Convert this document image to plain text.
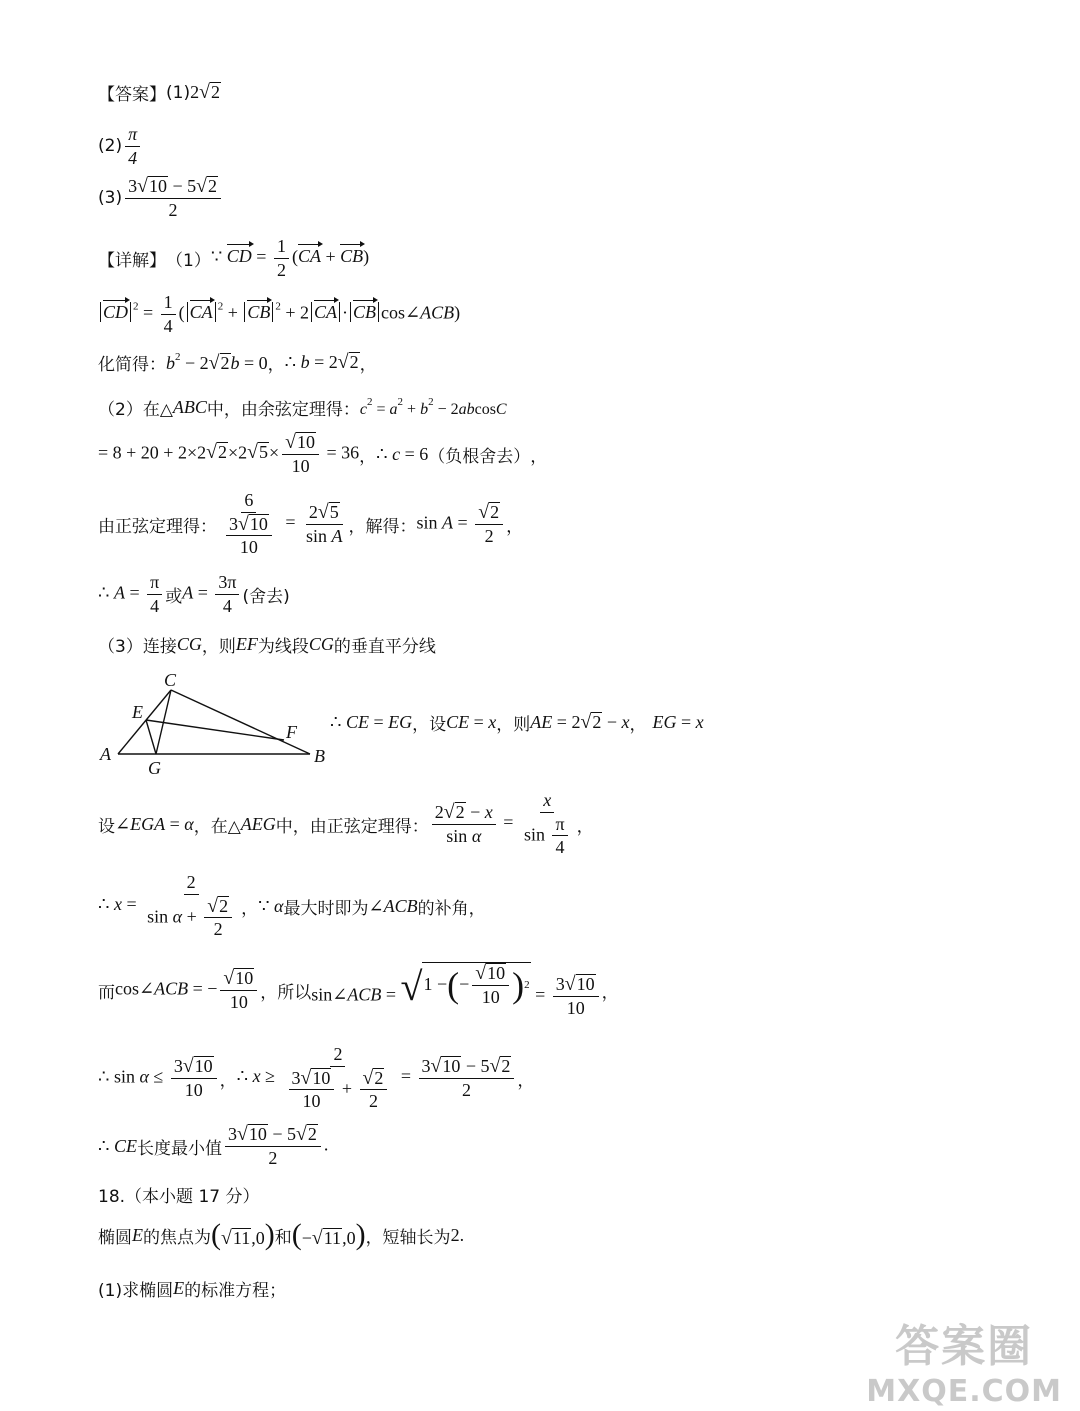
【答案】 (1) 2 √ 2
$(2) \frac{\pi}{4}$
$(3) \frac{3 √ 10 - 5 √ 2}{2}$
【详解】 （1） ∵ CD = $\frac{1}{2} (CA + CB)$
CD $^2 = \frac{1}{4}$ ( CA $^2$ + CB $^2$ + 2 CA · CB cos∠ACB)
化简得： $b^2 - 2$ √ 2 b = 0 ， ∴ b = 2 √ 2 ，
（2）在△ ABC 中，由余弦定理得： $c^2 = a^2 + b^2 - 2abcosC$
= 8 + 20 + 2×2 √ 2 ×2 √ $5 \times \frac{√ 10}{10} = 36$ ， ∴ c = 6 （负根舍去） ，
由正弦定理得： $\frac{6}{\frac{3 √ 10}{10}} = \frac{2 √ 5}{\text{sin A}}$ ，解得： $\sin A = \frac{√ 2}{2}$ ，
∴ $A = \frac{\pi}{4}$ 或 $A = \frac{3\pi}{4}$ (舍去)
（3）连接 CG ，则 EF 为线段 CG 的垂直平分线
A	B
C
E
F
G
∴ CE = EG ，设 CE = x ，则 AE = 2 √ 2 − x ， EG = x
设 ∠EGA = α ，在△ AEG 中，由正弦定理得： $\frac{2 √ 2 - x}{\text{sin α}} = \frac{x}{\sin \frac{\pi}{4}}$ ，
∴ $x = \frac{2}{\sin \alpha + \frac{√ 2}{2}}$ ， ∵ α 最大时即为 ∠ACB 的补角，
而 cos∠ACB = − $\frac{√ 10}{10}$ ，所以 sin∠ACB = √ 1 − ( − $\frac{√ 10}{10}$ ) $2 = \frac{3 √ 10}{10}$ ，
∴ $\sin \alpha \le \frac{3 √ 10}{10}$ ， ∴ $x \ge \frac{2}{\frac{3 √ 10}{10} + \frac{√ 2}{2}} = \frac{3 √ 10 - 5 √ 2}{2}$ ，
∴ CE 长度最小值 $\frac{3 √ 10 - 5 √ 2}{2}$ .
18.（本小题 17 分）
椭圆 E 的焦点为 ( √ 11 ,0) 和 (− √ 11 ,0) ，短轴长为 2.
(1)求椭圆 E 的标准方程；
答案圈
MXQE.COM
